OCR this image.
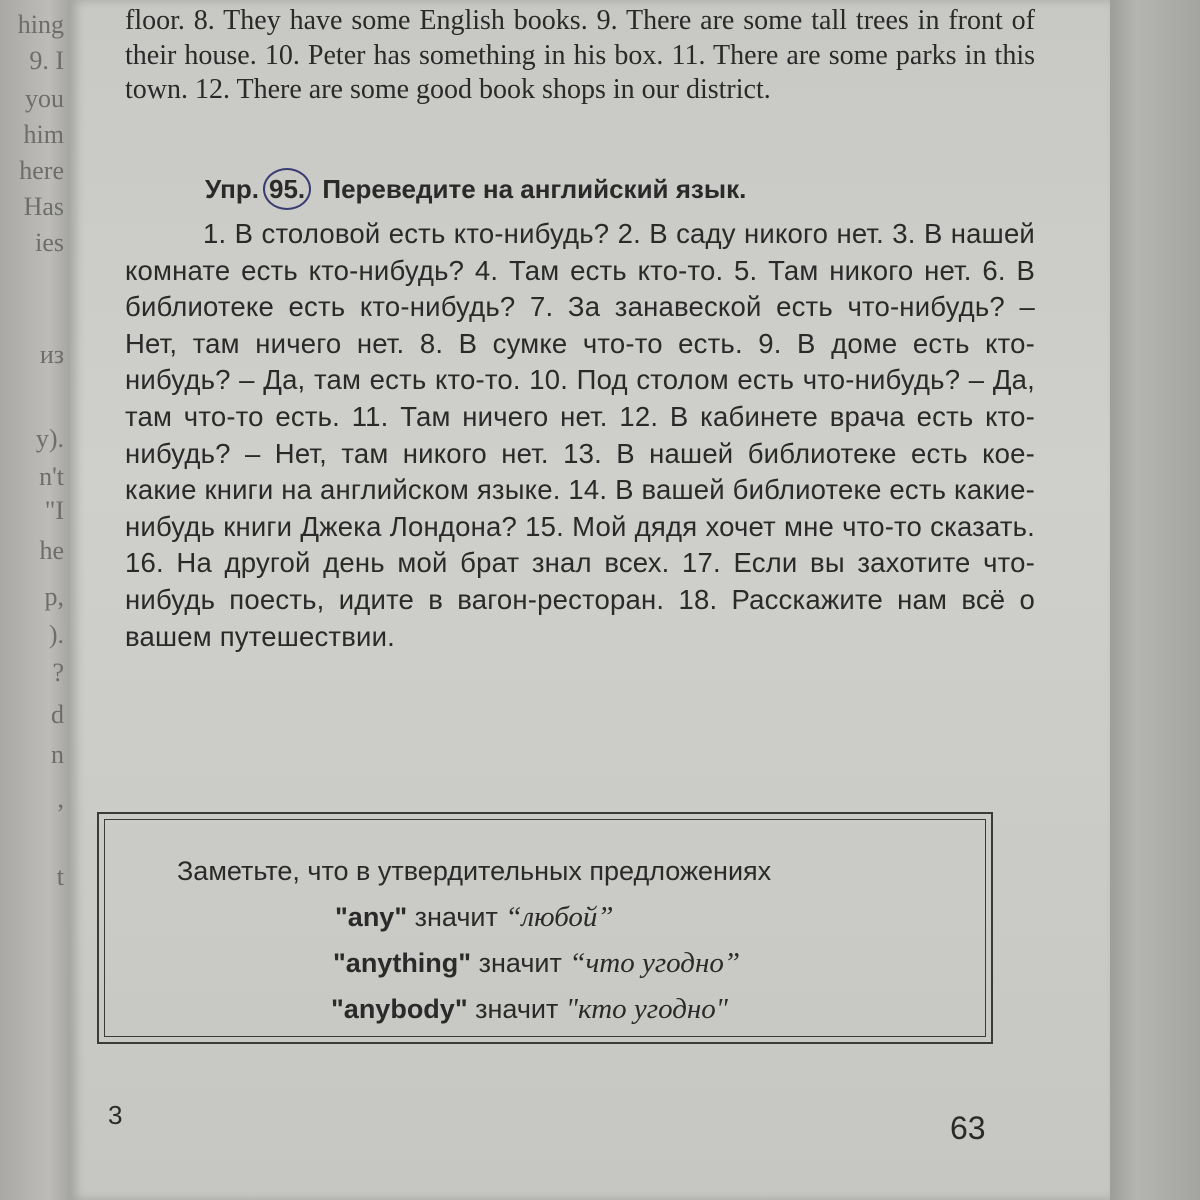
hing
9. I
you
him
here
Has
ies
из
y).
n't
"I
he
p,
).
?
d
n
,
t
floor. 8. They have some English books. 9. There are some tall trees in front of their house. 10. Peter has something in his box. 11. There are some parks in this town. 12. There are some good book shops in our district.
Упр. 95. Переведите на английский язык.
1. В столовой есть кто-нибудь? 2. В саду никого нет. 3. В нашей комнате есть кто-нибудь? 4. Там есть кто-то. 5. Там никого нет. 6. В библиотеке есть кто-нибудь? 7. За занавеской есть что-нибудь? – Нет, там ничего нет. 8. В сумке что-то есть. 9. В доме есть кто-нибудь? – Да, там есть кто-то. 10. Под столом есть что-нибудь? – Да, там что-то есть. 11. Там ничего нет. 12. В кабинете врача есть кто-нибудь? – Нет, там никого нет. 13. В нашей библиотеке есть кое-какие книги на английском языке. 14. В вашей библиотеке есть какие-нибудь книги Джека Лондона? 15. Мой дядя хочет мне что-то сказать. 16. На другой день мой брат знал всех. 17. Если вы захотите что-нибудь поесть, идите в вагон-ресторан. 18. Расскажите нам всё о вашем путешествии.
Заметьте, что в утвердительных предложениях
"any" значит “любой”
"anything" значит “что угодно”
"anybody" значит "кто угодно"
3	63
